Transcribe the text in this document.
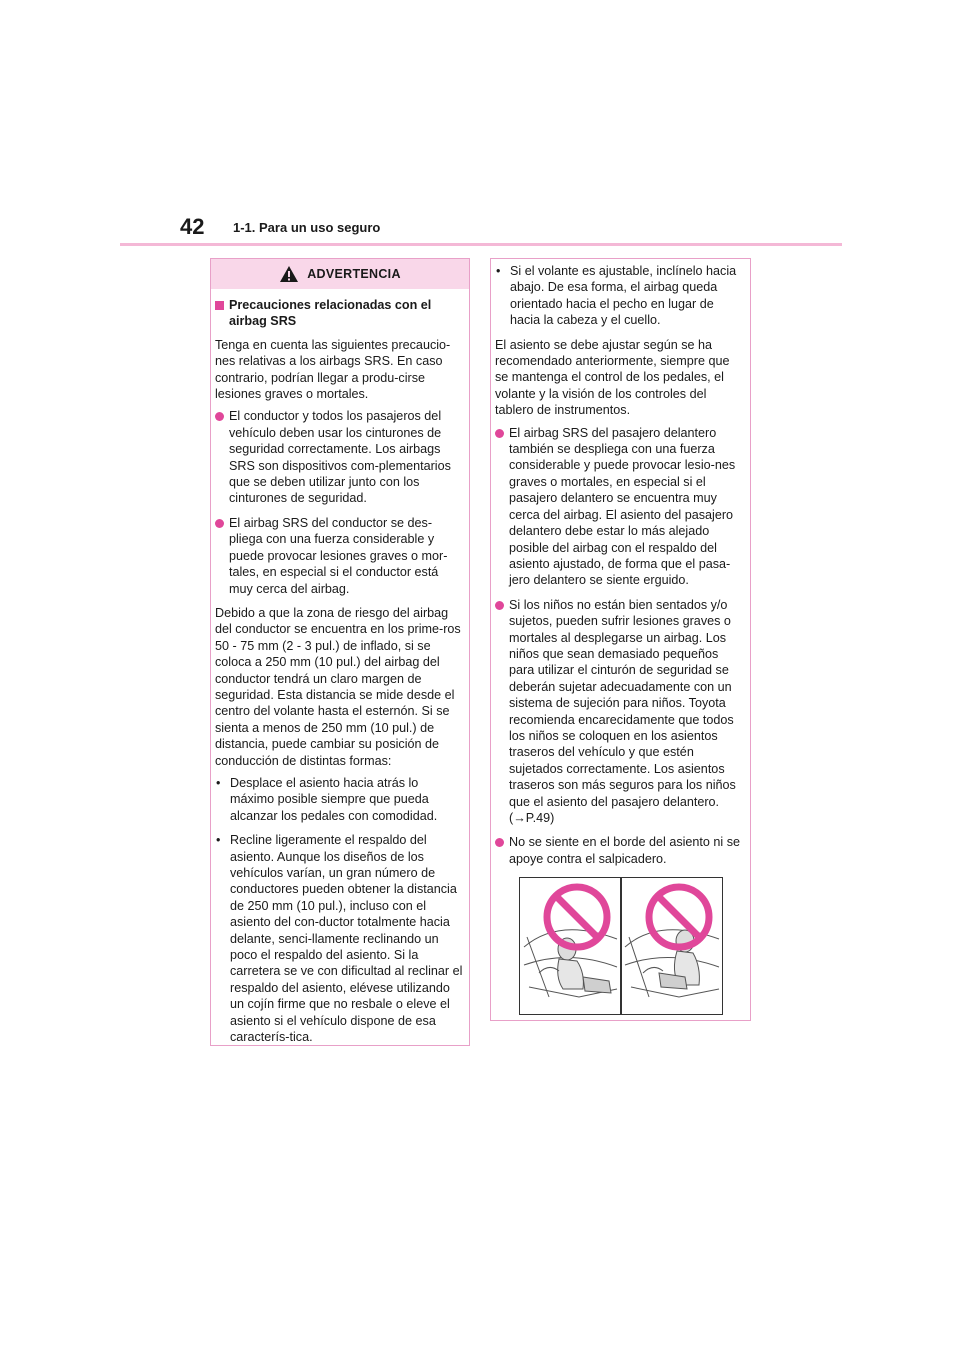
42 1-1. Para un uso seguro
ADVERTENCIA
Precauciones relacionadas con el airbag SRS

Tenga en cuenta las siguientes precaucio-nes relativas a los airbags SRS. En caso contrario, podrían llegar a produ-cirse lesiones graves o mortales.

El conductor y todos los pasajeros del vehículo deben usar los cinturones de seguridad correctamente. Los airbags SRS son dispositivos com-plementarios que se deben utilizar junto con los cinturones de seguridad.
El airbag SRS del conductor se des-pliega con una fuerza considerable y puede provocar lesiones graves o mor-tales, en especial si el conductor está muy cerca del airbag.

Debido a que la zona de riesgo del airbag del conductor se encuentra en los prime-ros 50 - 75 mm (2 - 3 pul.) de inflado, si se coloca a 250 mm (10 pul.) del airbag del conductor tendrá un claro margen de seguridad. Esta distancia se mide desde el centro del volante hasta el esternón. Si se sienta a menos de 250 mm (10 pul.) de distancia, puede cambiar su posición de conducción de distintas formas:

• Desplace el asiento hacia atrás lo máximo posible siempre que pueda alcanzar los pedales con comodidad.
• Recline ligeramente el respaldo del asiento. Aunque los diseños de los vehículos varían, un gran número de conductores pueden obtener la distancia de 250 mm (10 pul.), incluso con el asiento del con-ductor totalmente hacia delante, senci-llamente reclinando un poco el respaldo del asiento. Si la carretera se ve con dificultad al reclinar el respaldo del asiento, elévese utilizando un cojín firme que no resbale o eleve el asiento si el vehículo dispone de esa caracterís-tica.
• Si el volante es ajustable, inclínelo hacia abajo. De esa forma, el airbag queda orientado hacia el pecho en lugar de hacia la cabeza y el cuello.

El asiento se debe ajustar según se ha recomendado anteriormente, siempre que se mantenga el control de los pedales, el volante y la visión de los controles del tablero de instrumentos.

El airbag SRS del pasajero delantero también se despliega con una fuerza considerable y puede provocar lesio-nes graves o mortales, en especial si el pasajero delantero se encuentra muy cerca del airbag. El asiento del pasajero delantero debe estar lo más alejado posible del airbag con el respaldo del asiento ajustado, de forma que el pasa-jero delantero se siente erguido.
Si los niños no están bien sentados y/o sujetos, pueden sufrir lesiones graves o mortales al desplegarse un airbag. Los niños que sean demasiado pequeños para utilizar el cinturón de seguridad se deberán sujetar adecuadamente con un sistema de sujeción para niños. Toyota recomienda encarecidamente que todos los niños se coloquen en los asientos traseros del vehículo y que estén sujetados correctamente. Los asientos traseros son más seguros para los niños que el asiento del pasajero delantero. (→P.49)
No se siente en el borde del asiento ni se apoye contra el salpicadero.
